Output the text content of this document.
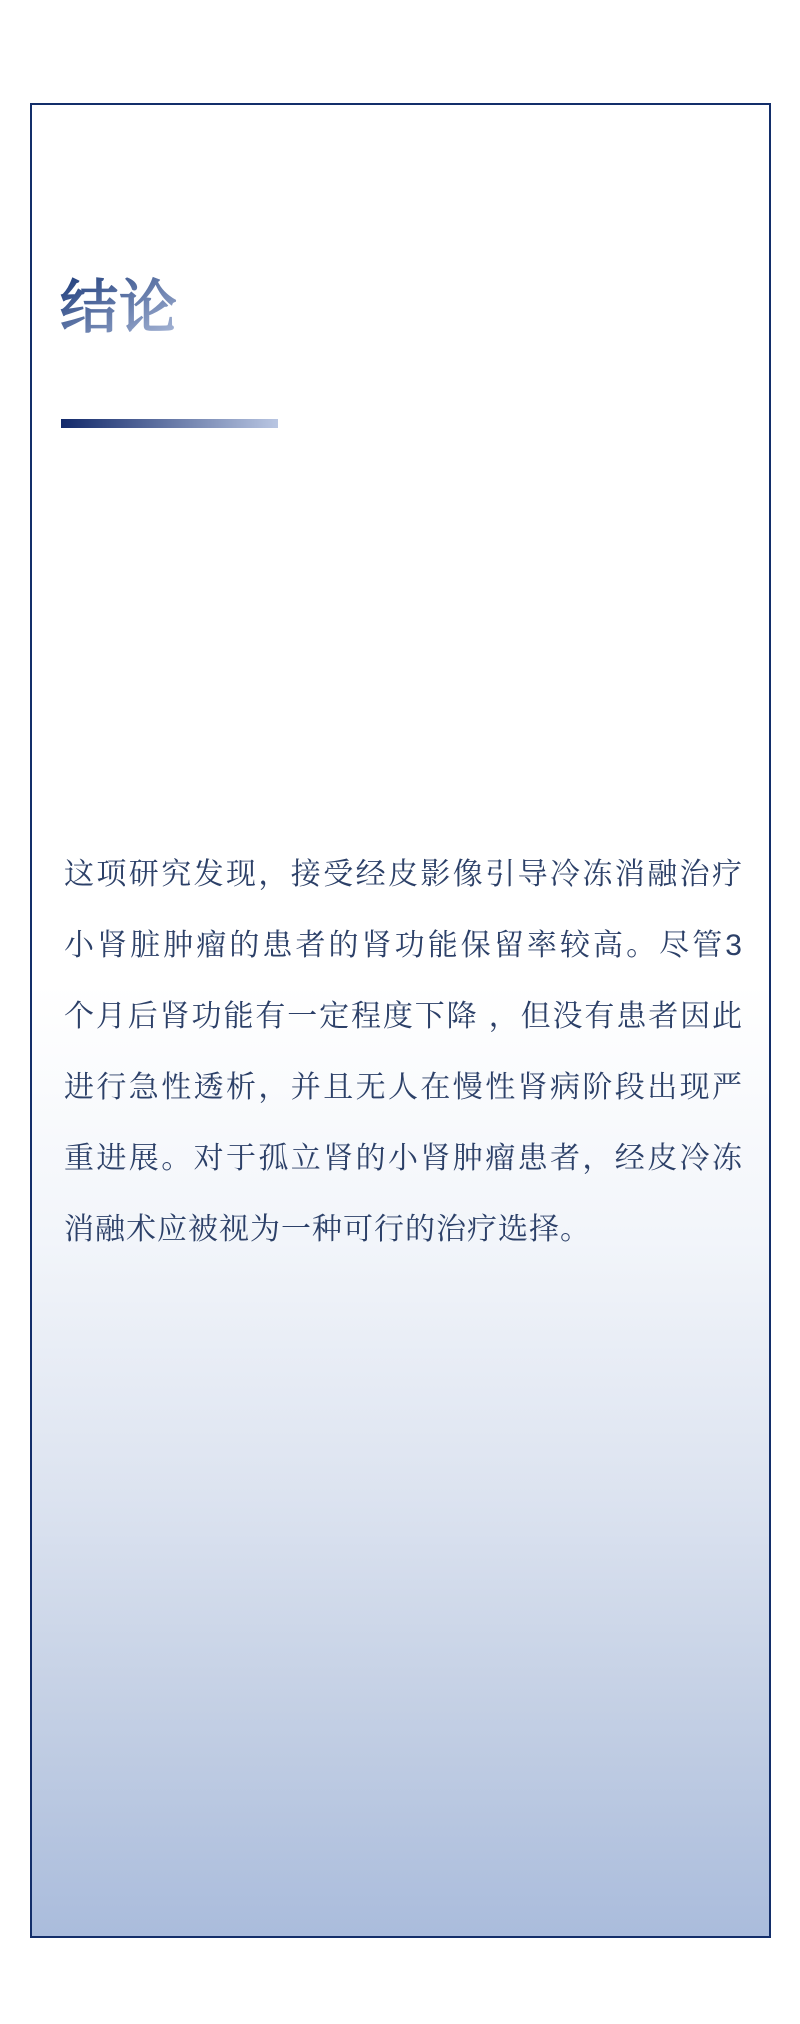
结论
这项研究发现，接受经皮影像引导冷冻消融治疗
小肾脏肿瘤的患者的肾功能保留率较高。尽管3
个月后肾功能有一定程度下降 ，但没有患者因此
进行急性透析，并且无人在慢性肾病阶段出现严
重进展。对于孤立肾的小肾肿瘤患者，经皮冷冻
消融术应被视为一种可行的治疗选择。
